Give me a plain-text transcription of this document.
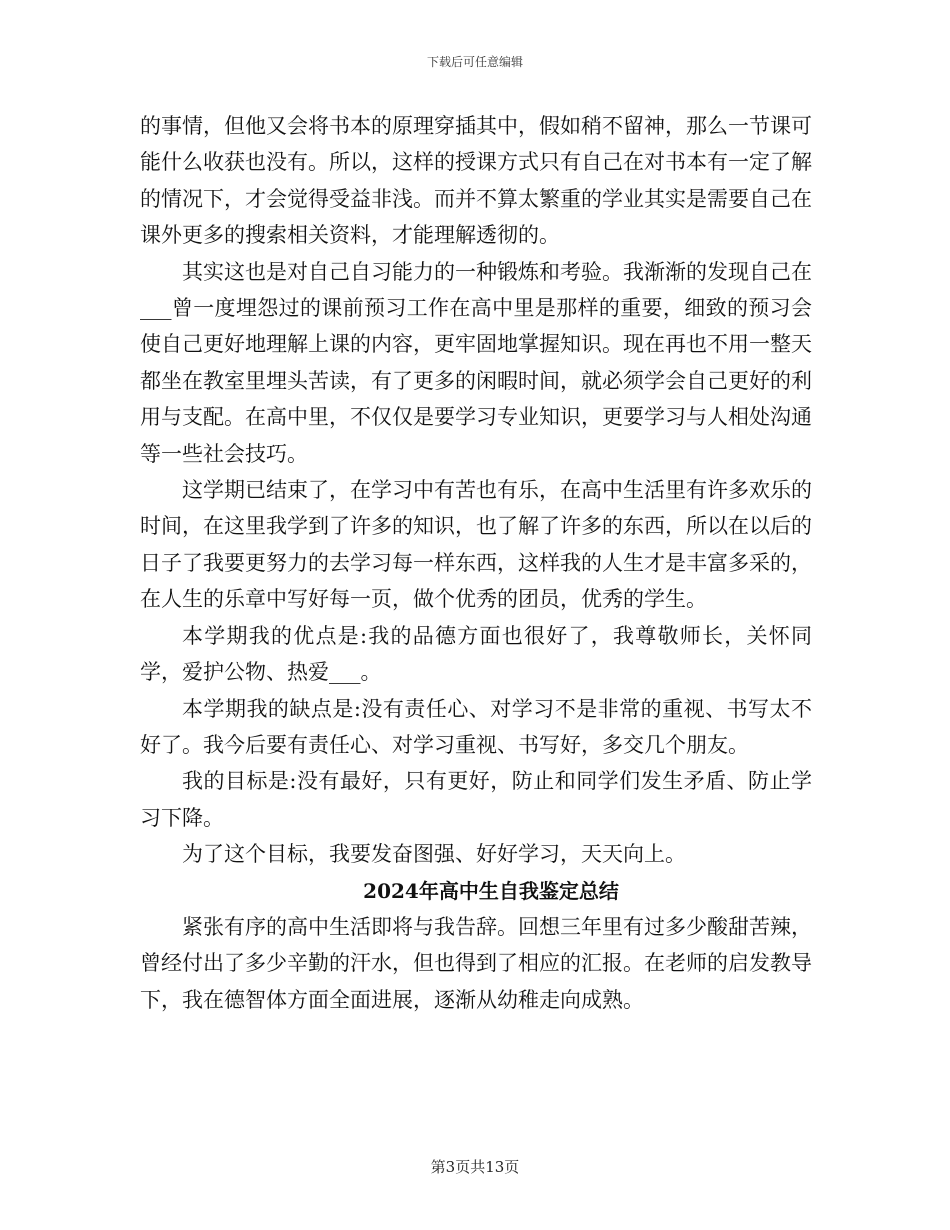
下载后可任意编辑

的事情，但他又会将书本的原理穿插其中，假如稍不留神，那么一节课可能什么收获也没有。所以，这样的授课方式只有自己在对书本有一定了解的情况下，才会觉得受益非浅。而并不算太繁重的学业其实是需要自己在课外更多的搜索相关资料，才能理解透彻的。

其实这也是对自己自习能力的一种锻炼和考验。我渐渐的发现自己在___曾一度埋怨过的课前预习工作在高中里是那样的重要，细致的预习会使自己更好地理解上课的内容，更牢固地掌握知识。现在再也不用一整天都坐在教室里埋头苦读，有了更多的闲暇时间，就必须学会自己更好的利用与支配。在高中里，不仅仅是要学习专业知识，更要学习与人相处沟通等一些社会技巧。

这学期已结束了，在学习中有苦也有乐，在高中生活里有许多欢乐的时间，在这里我学到了许多的知识，也了解了许多的东西，所以在以后的日子了我要更努力的去学习每一样东西，这样我的人生才是丰富多采的，在人生的乐章中写好每一页，做个优秀的团员，优秀的学生。

本学期我的优点是:我的品德方面也很好了，我尊敬师长，关怀同学，爱护公物、热爱___。

本学期我的缺点是:没有责任心、对学习不是非常的重视、书写太不好了。我今后要有责任心、对学习重视、书写好，多交几个朋友。

我的目标是:没有最好，只有更好，防止和同学们发生矛盾、防止学习下降。

为了这个目标，我要发奋图强、好好学习，天天向上。

2024年高中生自我鉴定总结

紧张有序的高中生活即将与我告辞。回想三年里有过多少酸甜苦辣，曾经付出了多少辛勤的汗水，但也得到了相应的汇报。在老师的启发教导下，我在德智体方面全面进展，逐渐从幼稚走向成熟。

第3页共13页
